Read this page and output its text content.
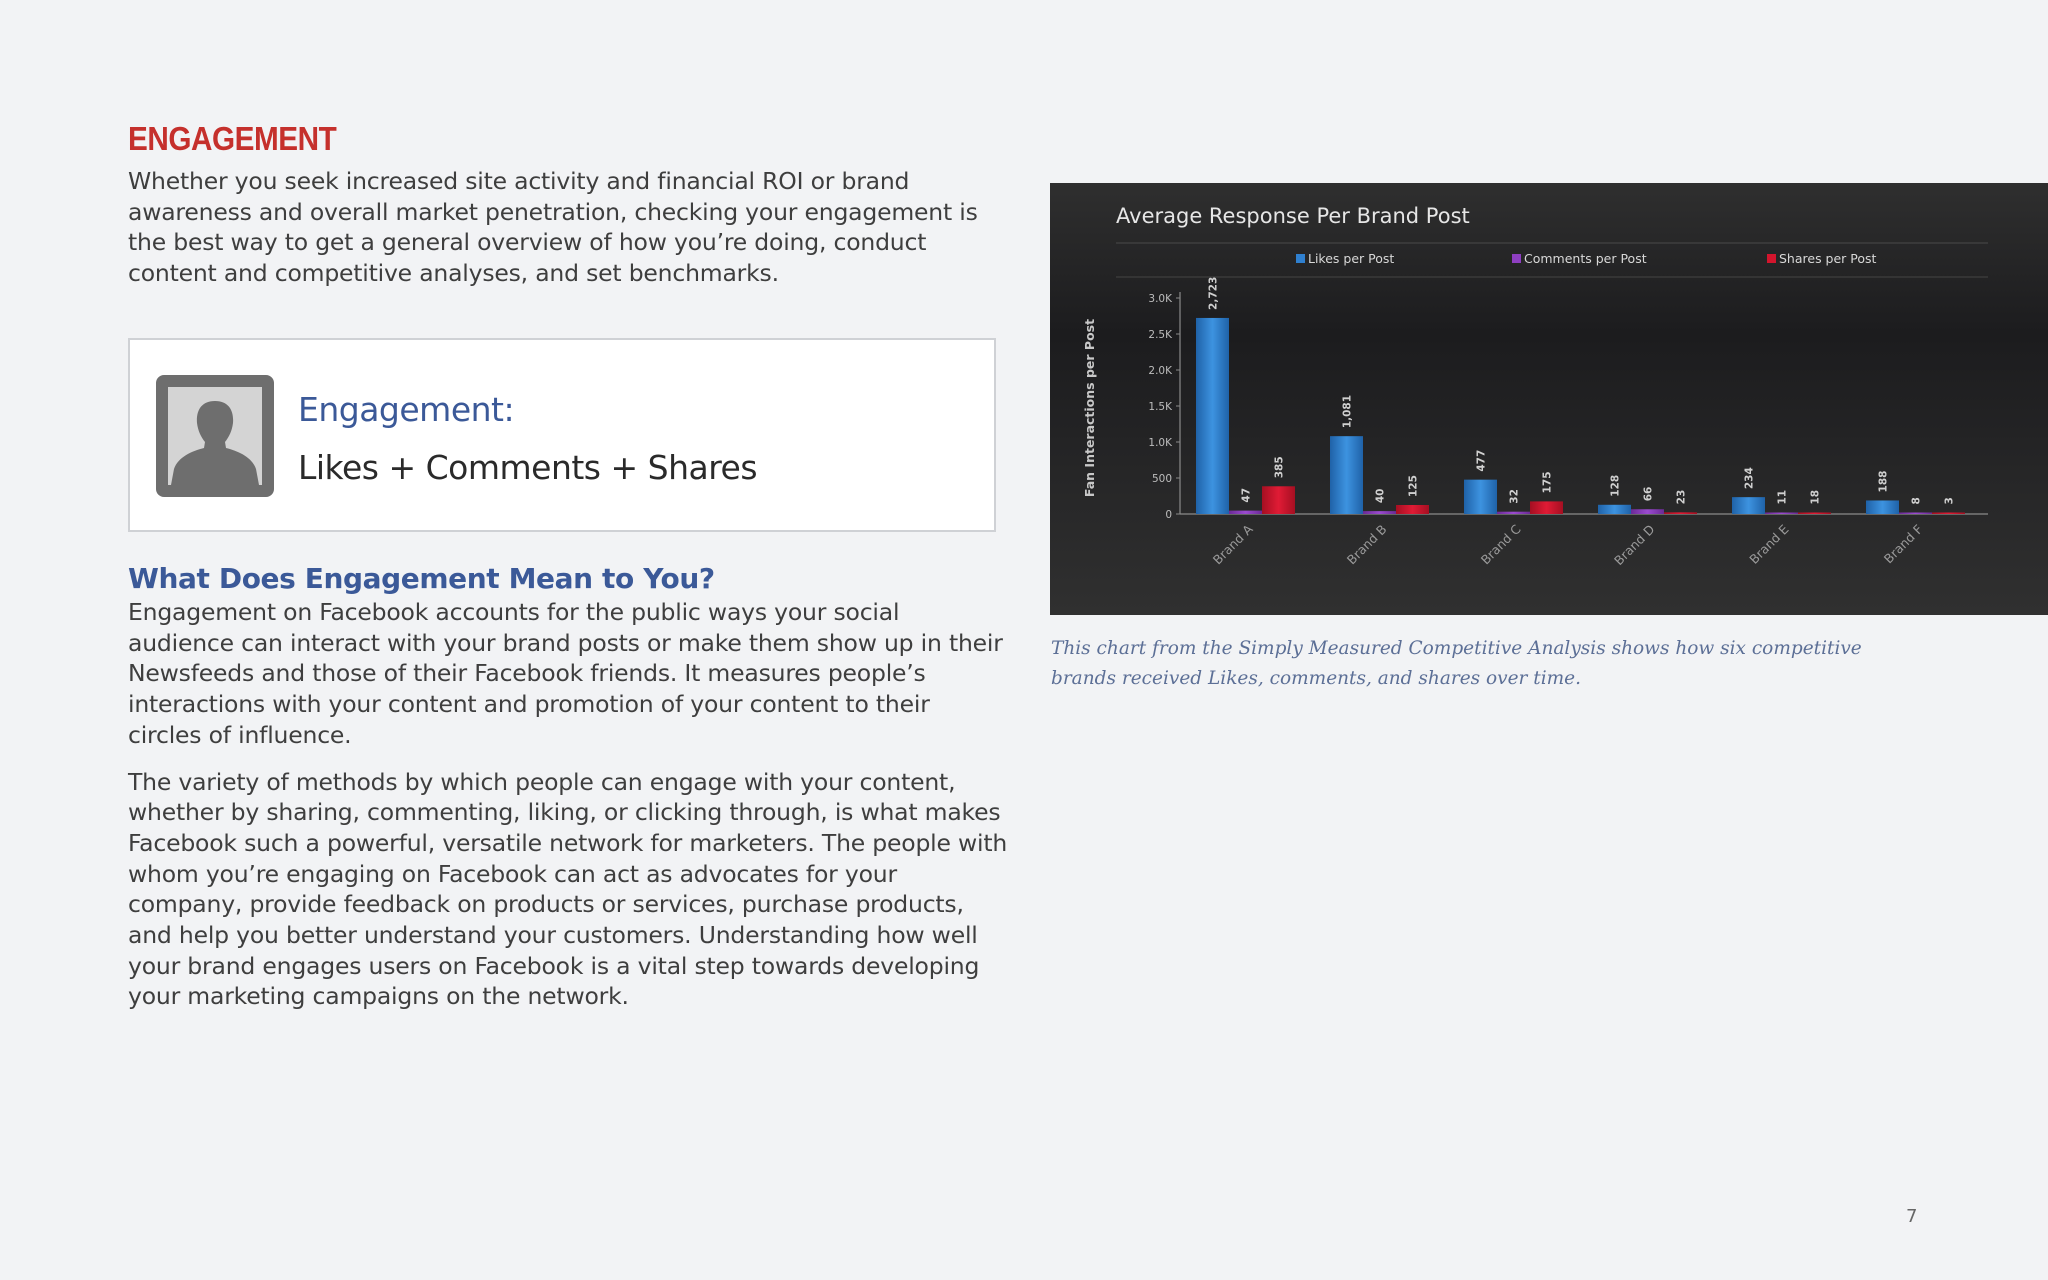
ENGAGEMENT

Whether you seek increased site activity and financial ROI or brand awareness and overall market penetration, checking your engagement is the best way to get a general overview of how you’re doing, conduct content and competitive analyses, and set benchmarks.

Engagement:
Likes + Comments + Shares
What Does Engagement Mean to You?

Engagement on Facebook accounts for the public ways your social audience can interact with your brand posts or make them show up in their Newsfeeds and those of their Facebook friends. It measures people’s interactions with your content and promotion of your content to their circles of influence.

The variety of methods by which people can engage with your content, whether by sharing, commenting, liking, or clicking through, is what makes Facebook such a powerful, versatile network for marketers. The people with whom you’re engaging on Facebook can act as advocates for your company, provide feedback on products or services, purchase products, and help you better understand your customers. Understanding how well your brand engages users on Facebook is a vital step towards developing your marketing campaigns on the network.

Average Response Per Brand Post
Likes per Post	Comments per Post	Shares per Post
0
500
1.0K
1.5K
2.0K
2.5K
3.0K
Fan Interactions per Post
2,723
47
385
Brand A
1,081
40 125
Brand B
477
32
175
Brand C
128 66 23
Brand D
234
11 18
Brand E
188
8 3
Brand F
This chart from the Simply Measured Competitive Analysis shows how six competitive brands received Likes, comments, and shares over time.
7
